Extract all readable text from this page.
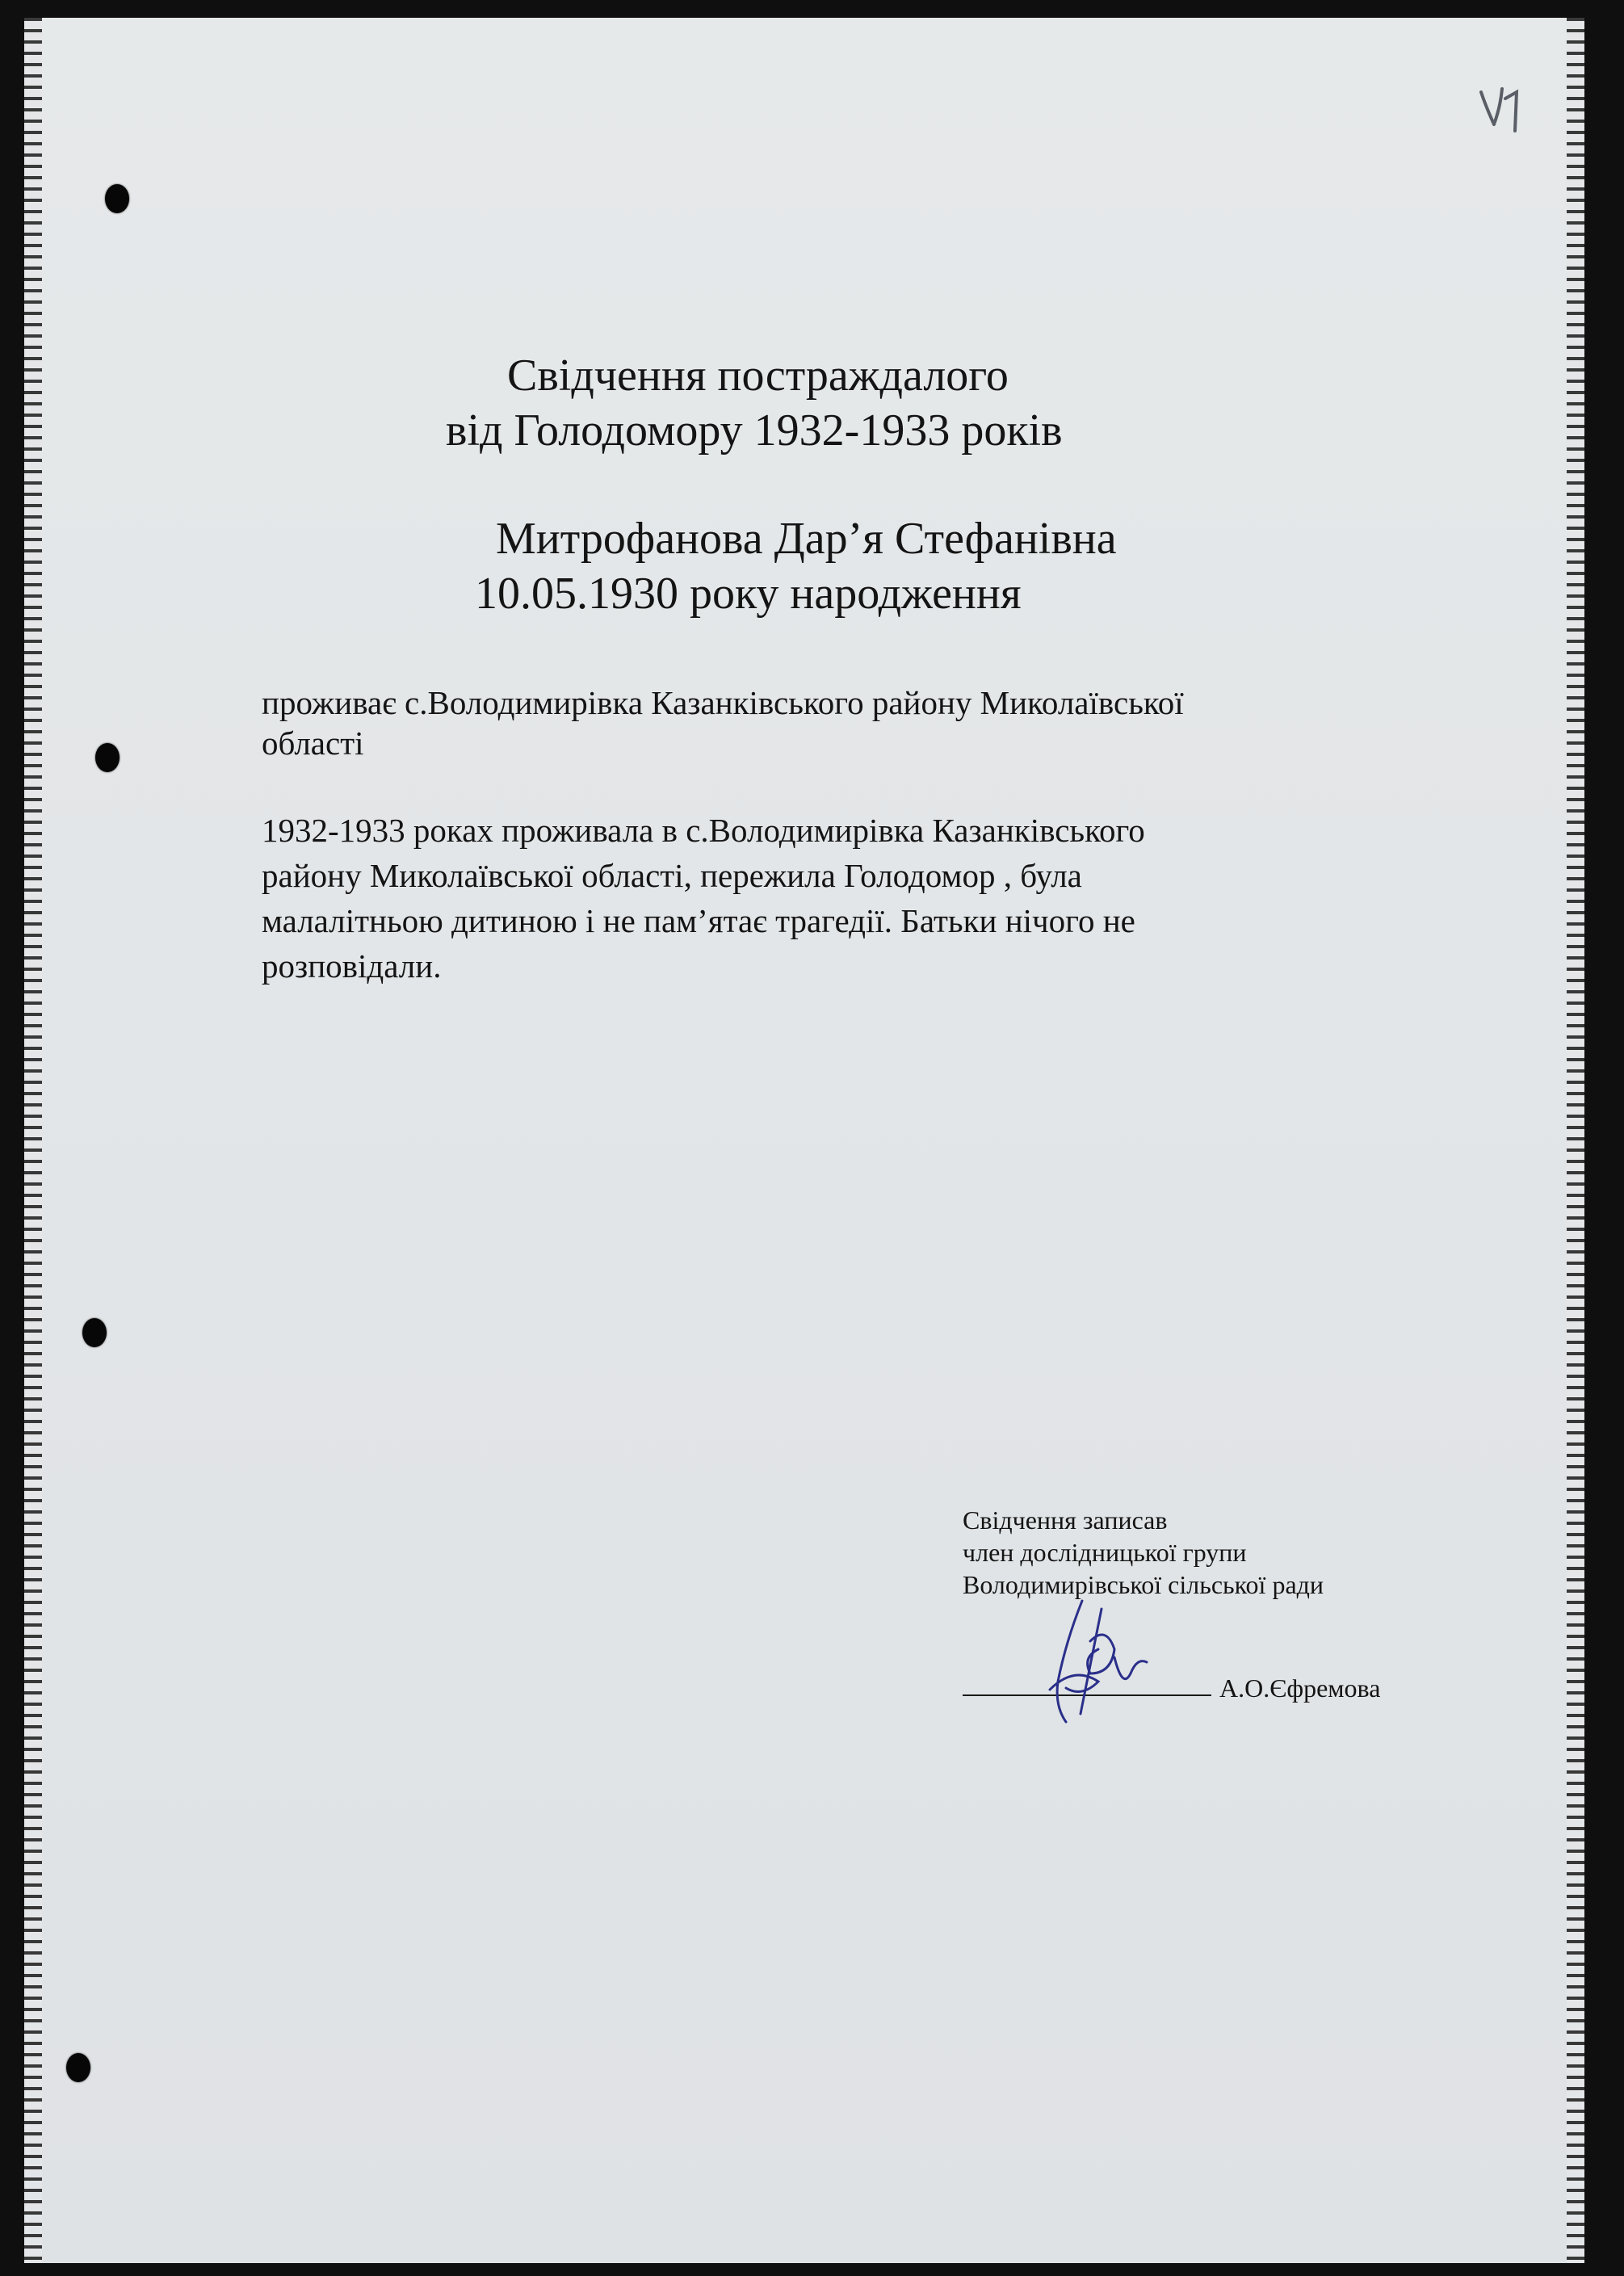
Свідчення постраждалого

від Голодомору 1932-1933 років

Митрофанова Дар’я Стефанівна

10.05.1930 року народження

проживає с.Володимирівка Казанківського району Миколаївської

області

1932-1933 роках проживала в с.Володимирівка Казанківського

району Миколаївської області, пережила Голодомор , була

малалітньою дитиною і не пам’ятає трагедії. Батьки нічого не

розповідали.

Свідчення записав

член дослідницької групи

Володимирівської сільської ради

А.О.Єфремова
